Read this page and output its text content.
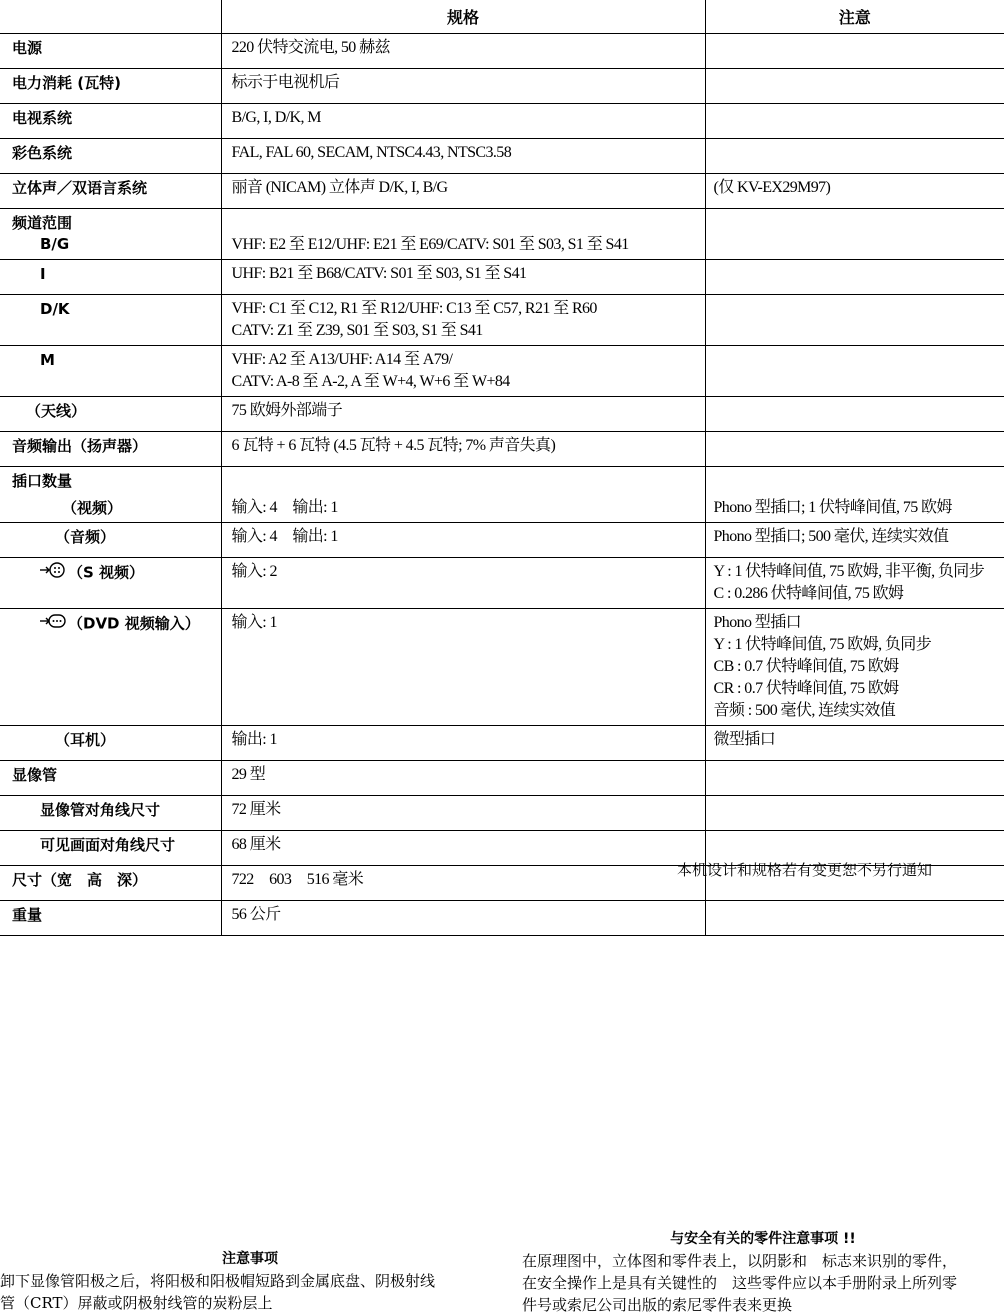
	规格	注意
电源	220 伏特交流电, 50 赫兹	
电力消耗 (瓦特)	标示于电视机后	
电视系统	B/G, I, D/K, M	
彩色系统	FAL, FAL 60, SECAM, NTSC4.43, NTSC3.58	
立体声／双语言系统	丽音 (NICAM) 立体声 D/K, I, B/G	(仅 KV-EX29M97)

频道范围
B/G	VHF: E2 至 E12/UHF: E21 至 E69/CATV: S01 至 S03, S1 至 S41	
I	UHF: B21 至 B68/CATV: S01 至 S03, S1 至 S41	
D/K	VHF: C1 至 C12, R1 至 R12/UHF: C13 至 C57, R21 至 R60
CATV: Z1 至 Z39, S01 至 S03, S1 至 S41	

M	VHF: A2 至 A13/UHF: A14 至 A79/
CATV: A-8 至 A-2, A 至 W+4, W+6 至 W+84	

（天线）	75 欧姆外部端子	
音频输出（扬声器）	6 瓦特 + 6 瓦特 (4.5 瓦特 + 4.5 瓦特; 7% 声音失真)	

插口数量
（视频）	输入: 4　输出: 1	Phono 型插口; 1 伏特峰间值, 75 欧姆
（音频）	输入: 4　输出: 1	Phono 型插口; 500 毫伏, 连续实效值
（S 视频）	输入: 2	Y : 1 伏特峰间值, 75 欧姆, 非平衡, 负同步
C : 0.286 伏特峰间值, 75 欧姆

（DVD 视频输入）	输入: 1	Phono 型插口
Y : 1 伏特峰间值, 75 欧姆, 负同步
CB : 0.7 伏特峰间值, 75 欧姆
CR : 0.7 伏特峰间值, 75 欧姆
音频 : 500 毫伏, 连续实效值

（耳机）	输出: 1	微型插口
显像管	29 型	
显像管对角线尺寸	72 厘米	
可见画面对角线尺寸	68 厘米	
尺寸（宽　高　深）	722　603　516 毫米	
重量	56 公斤	
本机设计和规格若有变更恕不另行通知
注意事项
卸下显像管阳极之后，将阳极和阳极帽短路到金属底盘、阴极射线
管（CRT）屏蔽或阴极射线管的炭粉层上
与安全有关的零件注意事项 !!
在原理图中，立体图和零件表上，以阴影和　标志来识别的零件，
在安全操作上是具有关键性的　这些零件应以本手册附录上所列零
件号或索尼公司出版的索尼零件表来更换
